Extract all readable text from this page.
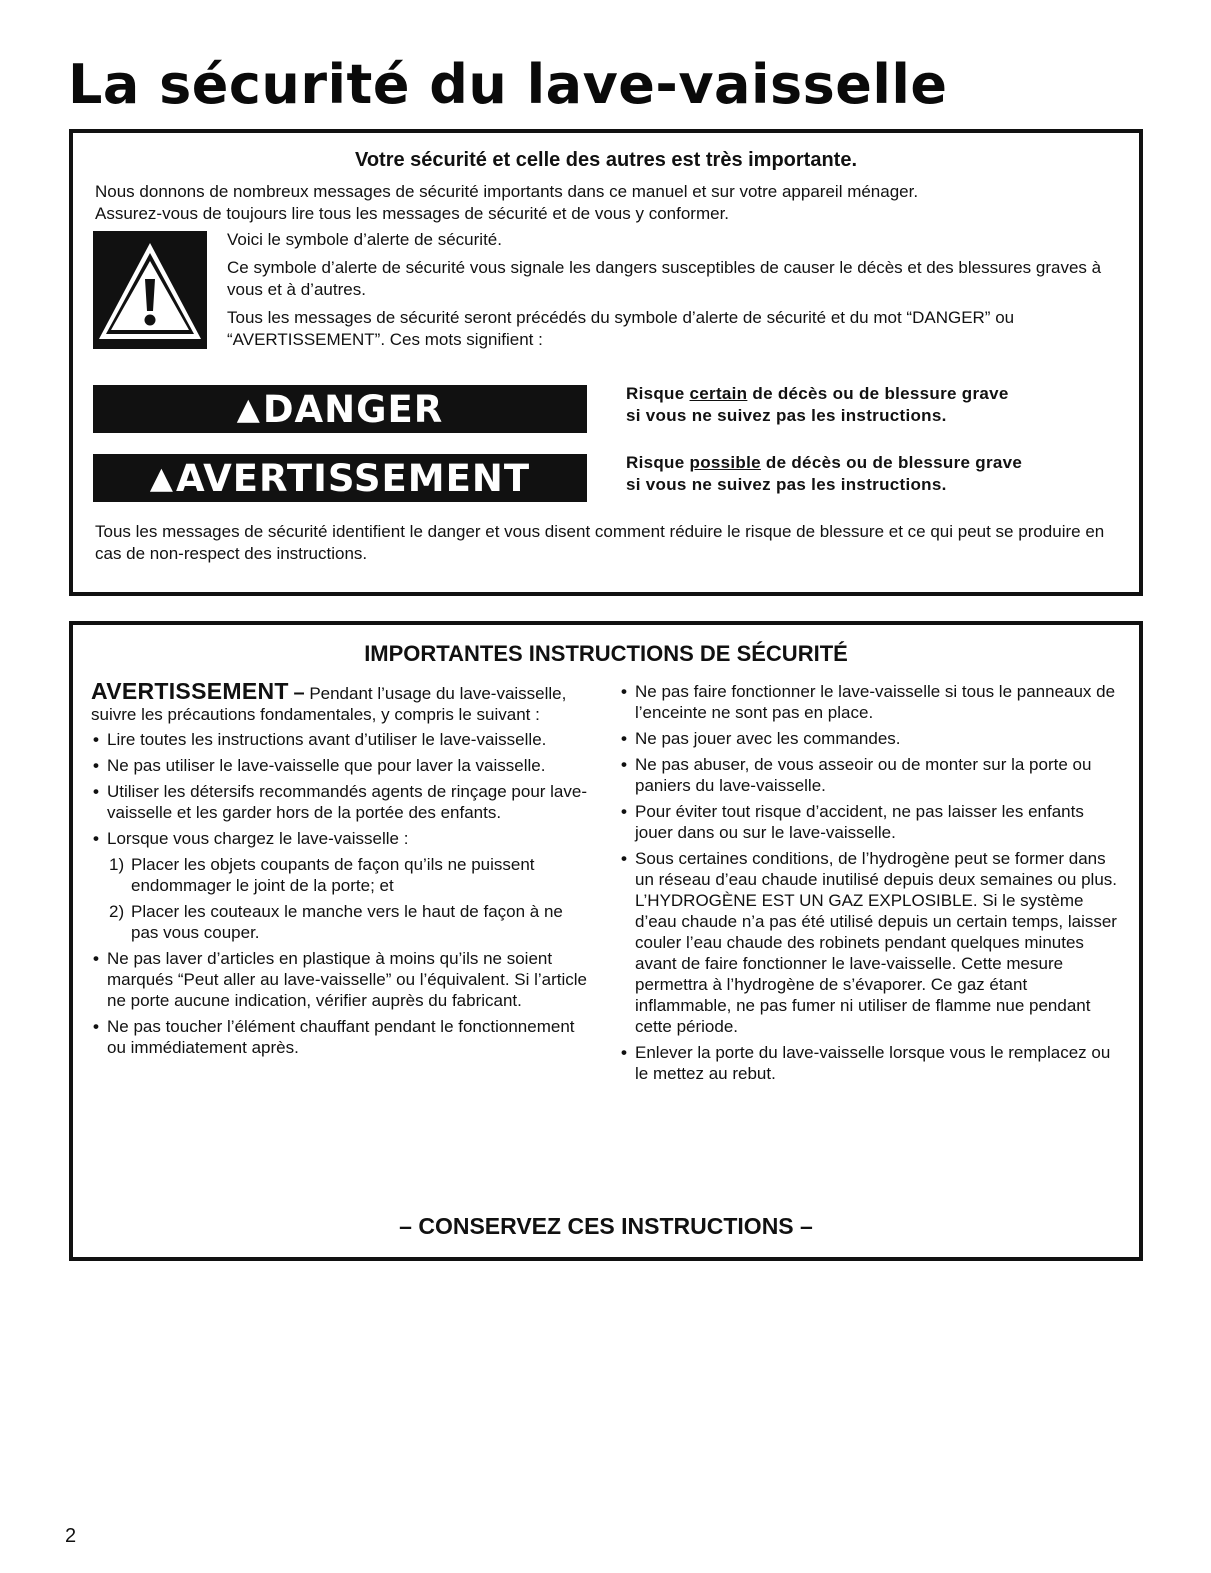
La sécurité du lave-vaisselle
Votre sécurité et celle des autres est très importante.

Nous donnons de nombreux messages de sécurité importants dans ce manuel et sur votre appareil ménager.

Assurez-vous de toujours lire tous les messages de sécurité et de vous y conformer.

Voici le symbole d’alerte de sécurité.

Ce symbole d’alerte de sécurité vous signale les dangers susceptibles de causer le décès et des blessures graves à vous et à d’autres.

Tous les messages de sécurité seront précédés du symbole d’alerte de sécurité et du mot “DANGER” ou “AVERTISSEMENT”. Ces mots signifient :

▲ DANGER	Risque certain de décès ou de blessure grave

si vous ne suivez pas les instructions.

▲ AVERTISSEMENT	Risque possible de décès ou de blessure grave

si vous ne suivez pas les instructions.

Tous les messages de sécurité identifient le danger et vous disent comment réduire le risque de blessure et ce qui peut se produire en cas de non-respect des instructions.

IMPORTANTES INSTRUCTIONS DE SÉCURITÉ

AVERTISSEMENT – Pendant l’usage du lave-vaisselle, suivre les précautions fondamentales, y compris le suivant :

• Lire toutes les instructions avant d’utiliser le lave-vaisselle.

• Ne pas utiliser le lave-vaisselle que pour laver la vaisselle.

• Utiliser les détersifs recommandés agents de rinçage pour lave-vaisselle et les garder hors de la portée des enfants.

• Lorsque vous chargez le lave-vaisselle :

1) Placer les objets coupants de façon qu’ils ne puissent endommager le joint de la porte; et

2) Placer les couteaux le manche vers le haut de façon à ne pas vous couper.

• Ne pas laver d’articles en plastique à moins qu’ils ne soient marqués “Peut aller au lave-vaisselle” ou l’équivalent. Si l’article ne porte aucune indication, vérifier auprès du fabricant.

• Ne pas toucher l’élément chauffant pendant le fonctionnement ou immédiatement après.

• Ne pas faire fonctionner le lave-vaisselle si tous le panneaux de l’enceinte ne sont pas en place.

• Ne pas jouer avec les commandes.

• Ne pas abuser, de vous asseoir ou de monter sur la porte ou paniers du lave-vaisselle.

• Pour éviter tout risque d’accident, ne pas laisser les enfants jouer dans ou sur le lave-vaisselle.

• Sous certaines conditions, de l’hydrogène peut se former dans un réseau d’eau chaude inutilisé depuis deux semaines ou plus. L’HYDROGÈNE EST UN GAZ EXPLOSIBLE. Si le système d’eau chaude n’a pas été utilisé depuis un certain temps, laisser couler l’eau chaude des robinets pendant quelques minutes avant de faire fonctionner le lave-vaisselle. Cette mesure permettra à l’hydrogène de s’évaporer. Ce gaz étant inflammable, ne pas fumer ni utiliser de flamme nue pendant cette période.

• Enlever la porte du lave-vaisselle lorsque vous le remplacez ou le mettez au rebut.

– CONSERVEZ CES INSTRUCTIONS –

2
